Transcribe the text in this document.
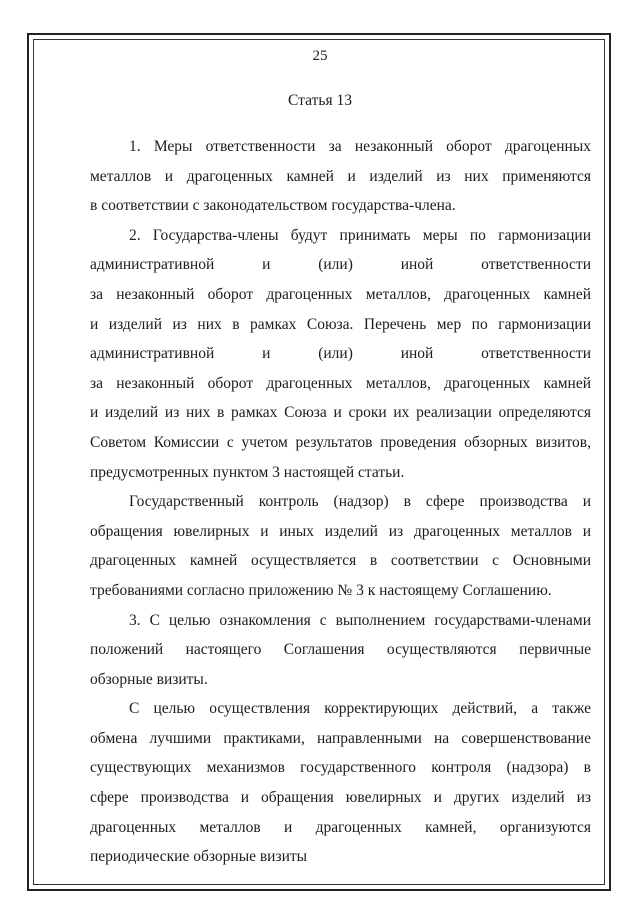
25
Статья 13
1. Меры ответственности за незаконный оборот драгоценных
металлов и драгоценных камней и изделий из них применяются
в соответствии с законодательством государства-члена.
2. Государства-члены будут принимать меры по гармонизации
административной и (или) иной ответственности
за незаконный оборот драгоценных металлов, драгоценных камней
и изделий из них в рамках Союза. Перечень мер по гармонизации
административной и (или) иной ответственности
за незаконный оборот драгоценных металлов, драгоценных камней
и изделий из них в рамках Союза и сроки их реализации определяются
Советом Комиссии с учетом результатов проведения обзорных визитов,
предусмотренных пунктом 3 настоящей статьи.
Государственный контроль (надзор) в сфере производства и
обращения ювелирных и иных изделий из драгоценных металлов и
драгоценных камней осуществляется в соответствии с Основными
требованиями согласно приложению № 3 к настоящему Соглашению.
3. С целью ознакомления с выполнением государствами-членами
положений настоящего Соглашения осуществляются первичные
обзорные визиты.
С целью осуществления корректирующих действий, а также
обмена лучшими практиками, направленными на совершенствование
существующих механизмов государственного контроля (надзора) в
сфере производства и обращения ювелирных и других изделий из
драгоценных металлов и драгоценных камней, организуются
периодические обзорные визиты
